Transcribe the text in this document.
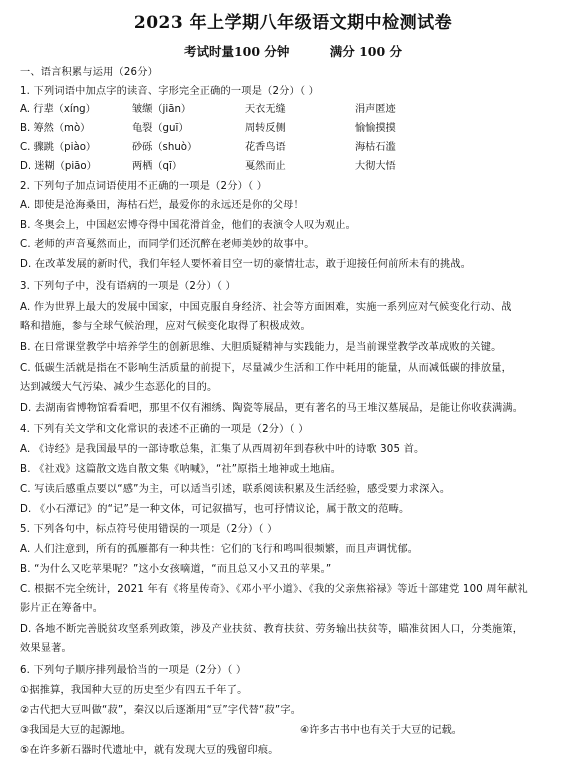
2023 年上学期八年级语文期中检测试卷
考试时量100 分钟	满分 100 分
一、语言积累与运用（26分）
1. 下列词语中加点字的读音、字形完全正确的一项是（2分）（ ）
A. 行辈（xíng）	皱缬（jiān）	天衣无缝	涓声匿迹
B. 筹然（mò）	龟裂（guī）	周转反侧	愉愉摸摸
C. 骤跳（piào）	砂砾（shuò）	花香鸟语	海枯石滥
D. 迷糊（piāo）	两栖（qī）	戛然而止	大彻大悟
2. 下列句子加点词语使用不正确的一项是（2分）（ ）
A. 即使是沧海桑田，海枯石烂，最爱你的永远还是你的父母！
B. 冬奥会上，中国赵宏博夺得中国花滑首金，他们的表演令人叹为观止。
C. 老师的声音戛然而止，而同学们还沉醉在老师美妙的故事中。
D. 在改革发展的新时代，我们年轻人要怀着目空一切的豪情壮志，敢于迎接任何前所未有的挑战。
3. 下列句子中，没有语病的一项是（2分）（ ）
A. 作为世界上最大的发展中国家，中国克服自身经济、社会等方面困难，实施一系列应对气候变化行动、战
略和措施，参与全球气候治理，应对气候变化取得了积极成效。
B. 在日常课堂教学中培养学生的创新思维、大胆质疑精神与实践能力，是当前课堂教学改革成败的关键。
C. 低碳生活就是指在不影响生活质量的前提下，尽量减少生活和工作中耗用的能量，从而减低碳的排放量，
达到减缓大气污染、减少生态恶化的目的。
D. 去湖南省博物馆看看吧，那里不仅有湘绣、陶瓷等展品，更有著名的马王堆汉墓展品，是能让你收获满满。
4. 下列有关文学和文化常识的表述不正确的一项是（2分）（ ）
A. 《诗经》是我国最早的一部诗歌总集，汇集了从西周初年到春秋中叶的诗歌 305 首。
B. 《社戏》这篇散文选自散文集《呐喊》，“社”原指土地神或土地庙。
C. 写读后感重点要以“感”为主，可以适当引述，联系阅读积累及生活经验，感受要力求深入。
D. 《小石潭记》的“记”是一种文体，可记叙描写，也可抒情议论，属于散文的范畴。
5. 下列各句中，标点符号使用错误的一项是（2分）（ ）
A. 人们注意到，所有的孤雁都有一种共性：它们的飞行和鸣叫很频繁，而且声调忧郁。
B. “为什么又吃苹果呢？”这小女孩嘀道，“而且总又小又丑的苹果。”
C. 根据不完全统计，2021 年有《将星传奇》、《邓小平小道》、《我的父亲焦裕禄》等近十部建党 100 周年献礼
影片正在筹备中。
D. 各地不断完善脱贫攻坚系列政策，涉及产业扶贫、教育扶贫、劳务输出扶贫等，瞄准贫困人口，分类施策，
效果显著。
6. 下列句子顺序排列最恰当的一项是（2分）（ ）
①据推算，我国种大豆的历史至少有四五千年了。
②古代把大豆叫做“菽”，秦汉以后逐渐用“豆”字代替“菽”字。
③我国是大豆的起源地。	④许多古书中也有关于大豆的记载。
⑤在许多新石器时代遗址中，就有发现大豆的残留印痕。
